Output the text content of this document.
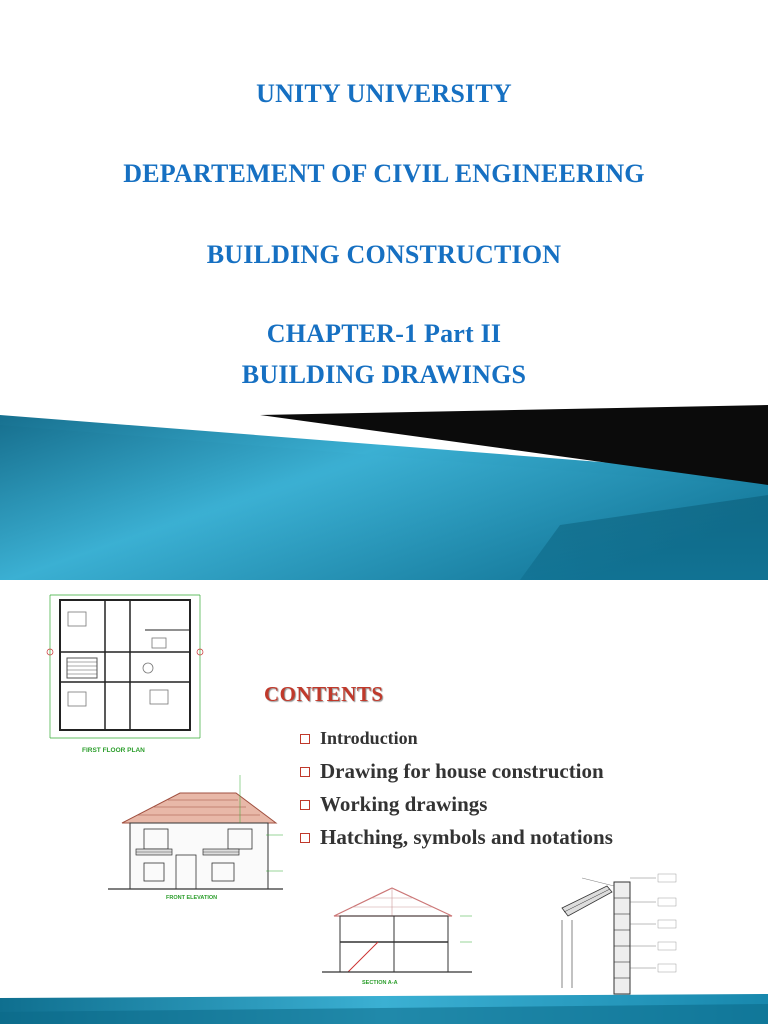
UNITY UNIVERSITY
DEPARTEMENT OF CIVIL ENGINEERING
BUILDING CONSTRUCTION
CHAPTER-1 Part II
BUILDING DRAWINGS
FIRST FLOOR PLAN
FRONT ELEVATION
SECTION A-A
CONTENTS
Introduction
Drawing for house construction
Working drawings
Hatching, symbols and notations
